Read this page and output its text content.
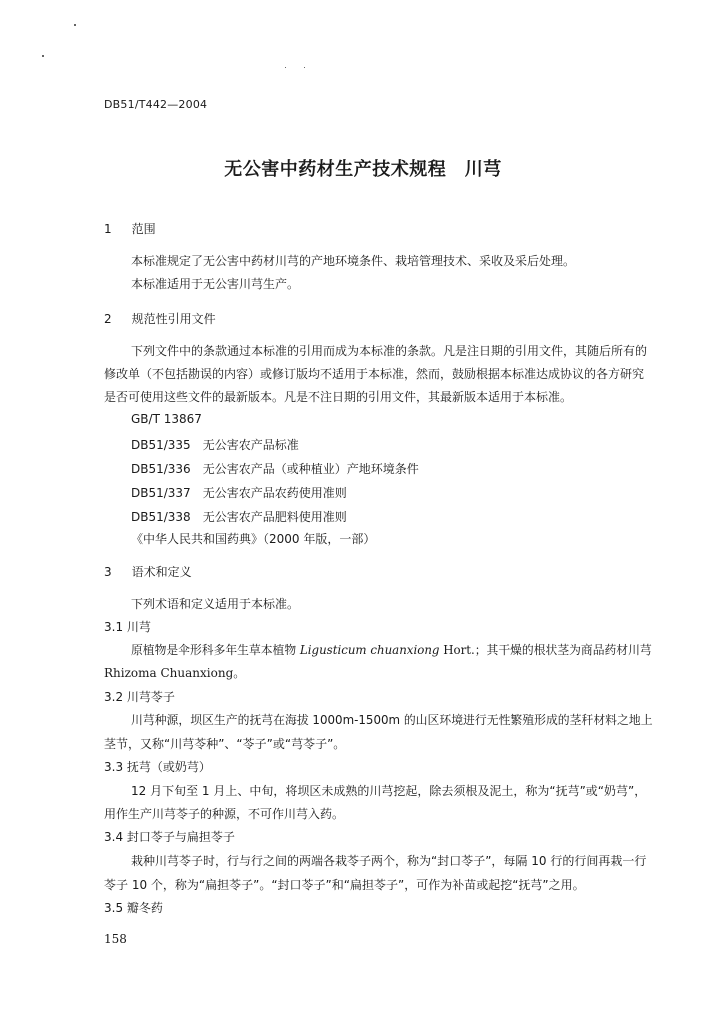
DB51/T442—2004
无公害中药材生产技术规程　川芎
1 范围
本标准规定了无公害中药材川芎的产地环境条件、栽培管理技术、采收及采后处理。
本标准适用于无公害川芎生产。
2 规范性引用文件
下列文件中的条款通过本标准的引用而成为本标准的条款。凡是注日期的引用文件，其随后所有的
修改单（不包括勘误的内容）或修订版均不适用于本标准，然而，鼓励根据本标准达成协议的各方研究
是否可使用这些文件的最新版本。凡是不注日期的引用文件，其最新版本适用于本标准。
GB/T 13867
DB51/335　无公害农产品标准
DB51/336　无公害农产品（或种植业）产地环境条件
DB51/337　无公害农产品农药使用准则
DB51/338　无公害农产品肥料使用准则
《中华人民共和国药典》（2000 年版，一部）
3 语术和定义
下列术语和定义适用于本标准。
3.1 川芎
原植物是伞形科多年生草本植物 Ligusticum chuanxiong Hort.；其干燥的根状茎为商品药材川芎
Rhizoma Chuanxiong。
3.2 川芎苓子
川芎种源，坝区生产的抚芎在海拔 1000m-1500m 的山区环境进行无性繁殖形成的茎秆材料之地上
茎节，又称“川芎苓种”、“苓子”或“芎苓子”。
3.3 抚芎（或奶芎）
12 月下旬至 1 月上、中旬，将坝区未成熟的川芎挖起，除去须根及泥土，称为“抚芎”或“奶芎”，
用作生产川芎苓子的种源，不可作川芎入药。
3.4 封口苓子与扁担苓子
栽种川芎苓子时，行与行之间的两端各栽苓子两个，称为“封口苓子”，每隔 10 行的行间再栽一行
苓子 10 个，称为“扁担苓子”。“封口苓子”和“扁担苓子”，可作为补苗或起挖“抚芎”之用。
3.5 瓣冬药
158
